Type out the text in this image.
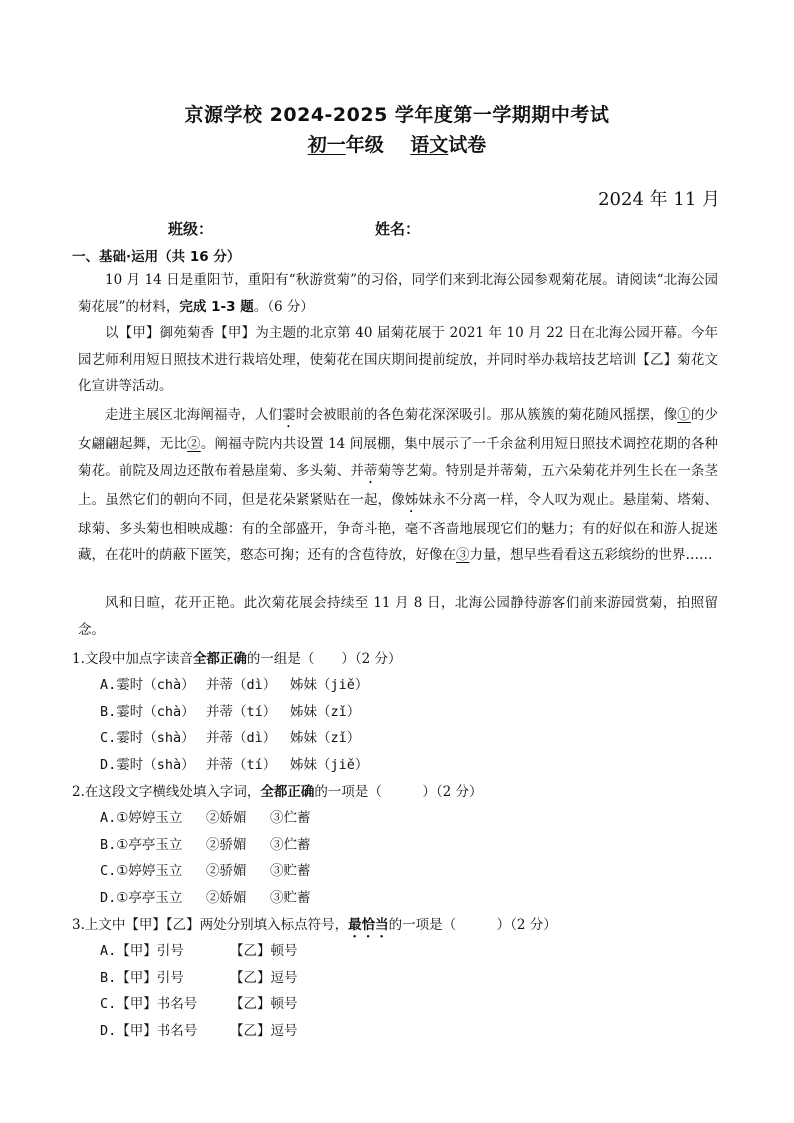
京源学校 2024-2025 学年度第一学期期中考试
初一年级 语文试卷
2024 年 11 月
班级：	姓名：
一、基础·运用（共 16 分）
10 月 14 日是重阳节，重阳有“秋游赏菊”的习俗，同学们来到北海公园参观菊花展。请阅读“北海公园菊花展”的材料，完成 1-3 题。（6 分）
以【甲】御苑菊香【甲】为主题的北京第 40 届菊花展于 2021 年 10 月 22 日在北海公园开幕。今年园艺师利用短日照技术进行栽培处理，使菊花在国庆期间提前绽放，并同时举办栽培技艺培训【乙】菊花文化宣讲等活动。
走进主展区北海阐福寺，人们霎时会被眼前的各色菊花深深吸引。那从簇簇的菊花随风摇摆，像①的少女翩翩起舞，无比②。阐福寺院内共设置 14 间展棚，集中展示了一千余盆利用短日照技术调控花期的各种菊花。前院及周边还散布着悬崖菊、多头菊、并蒂菊等艺菊。特别是并蒂菊，五六朵菊花并列生长在一条茎上。虽然它们的朝向不同，但是花朵紧紧贴在一起，像姊妹永不分离一样，令人叹为观止。悬崖菊、塔菊、球菊、多头菊也相映成趣：有的全部盛开，争奇斗艳，毫不吝啬地展现它们的魅力；有的好似在和游人捉迷藏，在花叶的荫蔽下匿笑，憨态可掬；还有的含苞待放，好像在③力量，想早些看看这五彩缤纷的世界……
风和日暄，花开正艳。此次菊花展会持续至 11 月 8 日，北海公园静待游客们前来游园赏菊，拍照留念。
1.文段中加点字读音全都正确的一组是（　　）（2 分）
A.霎时（chà） 并蒂（dì） 姊妹（jiě）
B.霎时（chà） 并蒂（tí） 姊妹（zǐ）
C.霎时（shà） 并蒂（dì） 姊妹（zǐ）
D.霎时（shà） 并蒂（tí） 姊妹（jiě）
2.在这段文字横线处填入字词，全都正确的一项是（　　　）（2 分）
A.①婷婷玉立 ②娇媚 ③伫蓄
B.①亭亭玉立 ②骄媚 ③伫蓄
C.①婷婷玉立 ②骄媚 ③贮蓄
D.①亭亭玉立 ②娇媚 ③贮蓄
3.上文中【甲】【乙】两处分别填入标点符号，最恰当的一项是（　　　）（2 分）
A.【甲】引号	【乙】顿号
B.【甲】引号	【乙】逗号
C.【甲】书名号 【乙】顿号
D.【甲】书名号 【乙】逗号
